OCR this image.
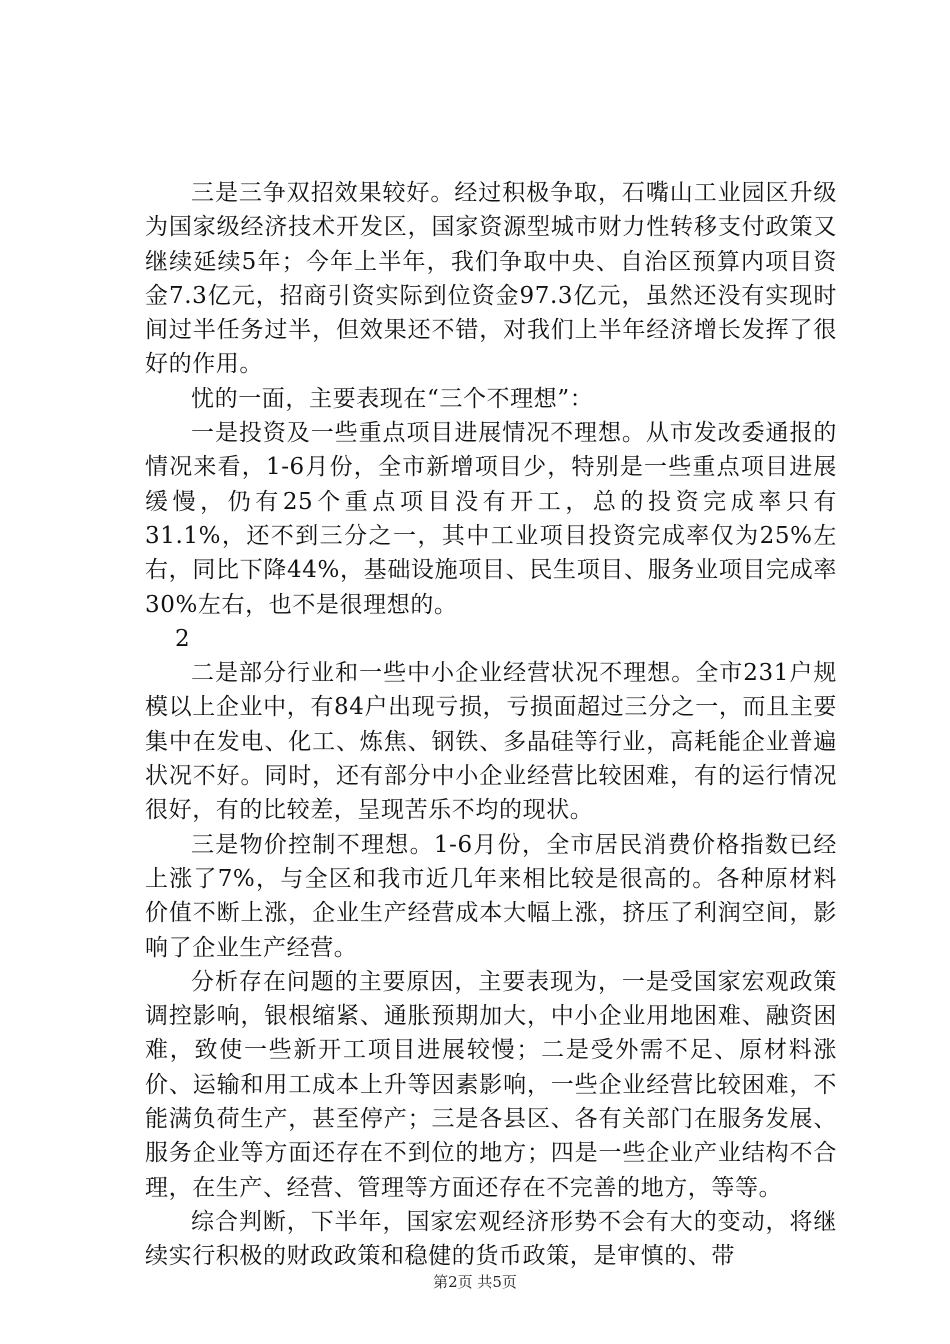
三是三争双招效果较好。经过积极争取，石嘴山工业园区升级为国家级经济技术开发区，国家资源型城市财力性转移支付政策又继续延续5年；今年上半年，我们争取中央、自治区预算内项目资金7.3亿元，招商引资实际到位资金97.3亿元，虽然还没有实现时间过半任务过半，但效果还不错，对我们上半年经济增长发挥了很好的作用。

忧的一面，主要表现在“三个不理想”：

一是投资及一些重点项目进展情况不理想。从市发改委通报的情况来看，1-6月份，全市新增项目少，特别是一些重点项目进展缓慢，仍有25个重点项目没有开工，总的投资完成率只有31.1%，还不到三分之一，其中工业项目投资完成率仅为25%左右，同比下降44%，基础设施项目、民生项目、服务业项目完成率30%左右，也不是很理想的。

2

二是部分行业和一些中小企业经营状况不理想。全市231户规模以上企业中，有84户出现亏损，亏损面超过三分之一，而且主要集中在发电、化工、炼焦、钢铁、多晶硅等行业，高耗能企业普遍状况不好。同时，还有部分中小企业经营比较困难，有的运行情况很好，有的比较差，呈现苦乐不均的现状。

三是物价控制不理想。1-6月份，全市居民消费价格指数已经上涨了7%，与全区和我市近几年来相比较是很高的。各种原材料价值不断上涨，企业生产经营成本大幅上涨，挤压了利润空间，影响了企业生产经营。

分析存在问题的主要原因，主要表现为，一是受国家宏观政策调控影响，银根缩紧、通胀预期加大，中小企业用地困难、融资困难，致使一些新开工项目进展较慢；二是受外需不足、原材料涨价、运输和用工成本上升等因素影响，一些企业经营比较困难，不能满负荷生产，甚至停产；三是各县区、各有关部门在服务发展、服务企业等方面还存在不到位的地方；四是一些企业产业结构不合理，在生产、经营、管理等方面还存在不完善的地方，等等。

综合判断，下半年，国家宏观经济形势不会有大的变动，将继续实行积极的财政政策和稳健的货币政策，是审慎的、带

第2页 共5页
